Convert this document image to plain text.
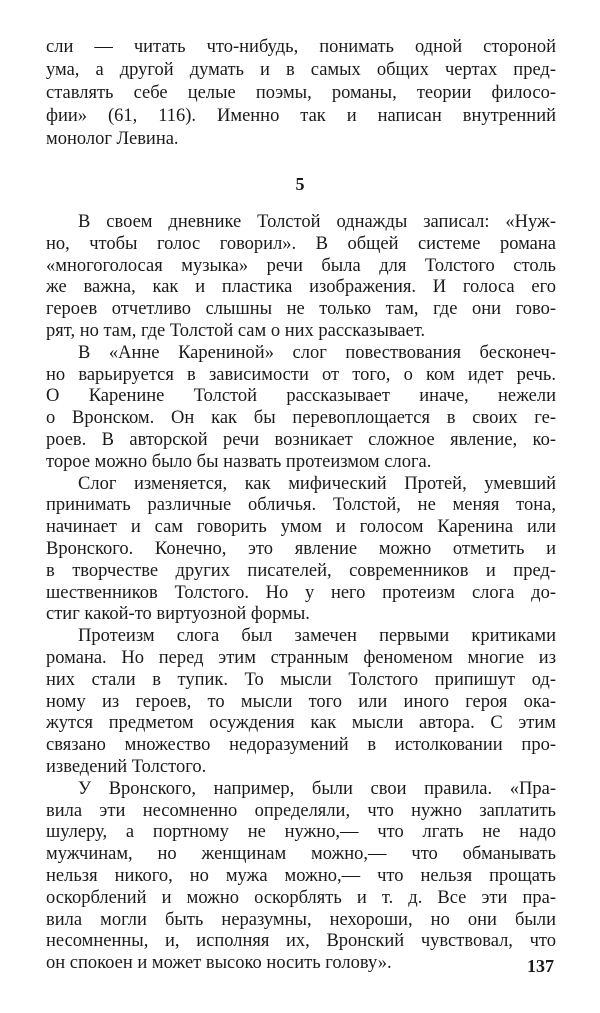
сли — читать что-нибудь, понимать одной стороной
ума, а другой думать и в самых общих чертах пред-
ставлять себе целые поэмы, романы, теории филосо-
фии» (61, 116). Именно так и написан внутренний
монолог Левина.
5
В своем дневнике Толстой однажды записал: «Нуж-
но, чтобы голос говорил». В общей системе романа
«многоголосая музыка» речи была для Толстого столь
же важна, как и пластика изображения. И голоса его
героев отчетливо слышны не только там, где они гово-
рят, но там, где Толстой сам о них рассказывает.
В «Анне Карениной» слог повествования бесконеч-
но варьируется в зависимости от того, о ком идет речь.
О Каренине Толстой рассказывает иначе, нежели
о Вронском. Он как бы перевоплощается в своих ге-
роев. В авторской речи возникает сложное явление, ко-
торое можно было бы назвать протеизмом слога.
Слог изменяется, как мифический Протей, умевший
принимать различные обличья. Толстой, не меняя тона,
начинает и сам говорить умом и голосом Каренина или
Вронского. Конечно, это явление можно отметить и
в творчестве других писателей, современников и пред-
шественников Толстого. Но у него протеизм слога до-
стиг какой-то виртуозной формы.
Протеизм слога был замечен первыми критиками
романа. Но перед этим странным феноменом многие из
них стали в тупик. То мысли Толстого припишут од-
ному из героев, то мысли того или иного героя ока-
жутся предметом осуждения как мысли автора. С этим
связано множество недоразумений в истолковании про-
изведений Толстого.
У Вронского, например, были свои правила. «Пра-
вила эти несомненно определяли, что нужно заплатить
шулеру, а портному не нужно,— что лгать не надо
мужчинам, но женщинам можно,— что обманывать
нельзя никого, но мужа можно,— что нельзя прощать
оскорблений и можно оскорблять и т. д. Все эти пра-
вила могли быть неразумны, нехороши, но они были
несомненны, и, исполняя их, Вронский чувствовал, что
он спокоен и может высоко носить голову».	137
